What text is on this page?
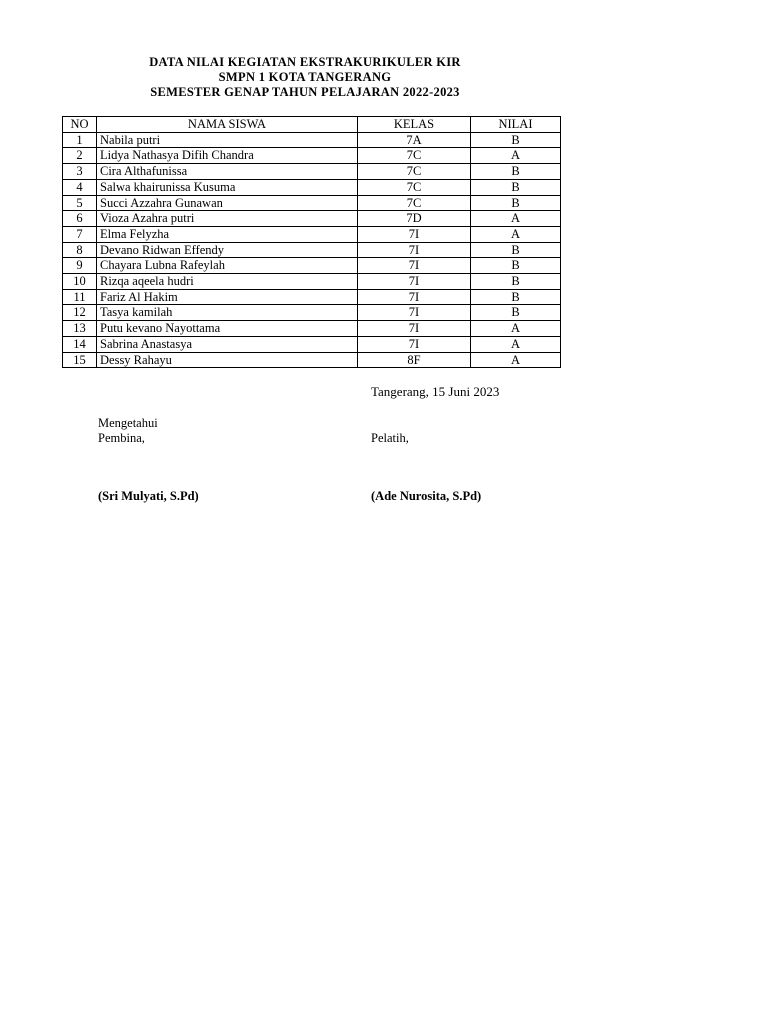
DATA NILAI KEGIATAN EKSTRAKURIKULER KIR
SMPN 1 KOTA TANGERANG
SEMESTER GENAP TAHUN PELAJARAN 2022-2023
NO	NAMA SISWA	KELAS	NILAI
1	Nabila putri	7A	B
2	Lidya Nathasya Difih Chandra	7C	A
3	Cira Althafunissa	7C	B
4	Salwa khairunissa Kusuma	7C	B
5	Succi Azzahra Gunawan	7C	B
6	Vioza Azahra putri	7D	A
7	Elma Felyzha	7I	A
8	Devano Ridwan Effendy	7I	B
9	Chayara Lubna Rafeylah	7I	B
10	Rizqa aqeela hudri	7I	B
11	Fariz Al Hakim	7I	B
12	Tasya kamilah	7I	B
13	Putu kevano Nayottama	7I	A
14	Sabrina Anastasya	7I	A
15	Dessy Rahayu	8F	A
Tangerang, 15 Juni 2023
Mengetahui
Pembina,	Pelatih,
(Sri Mulyati, S.Pd)	(Ade Nurosita, S.Pd)
